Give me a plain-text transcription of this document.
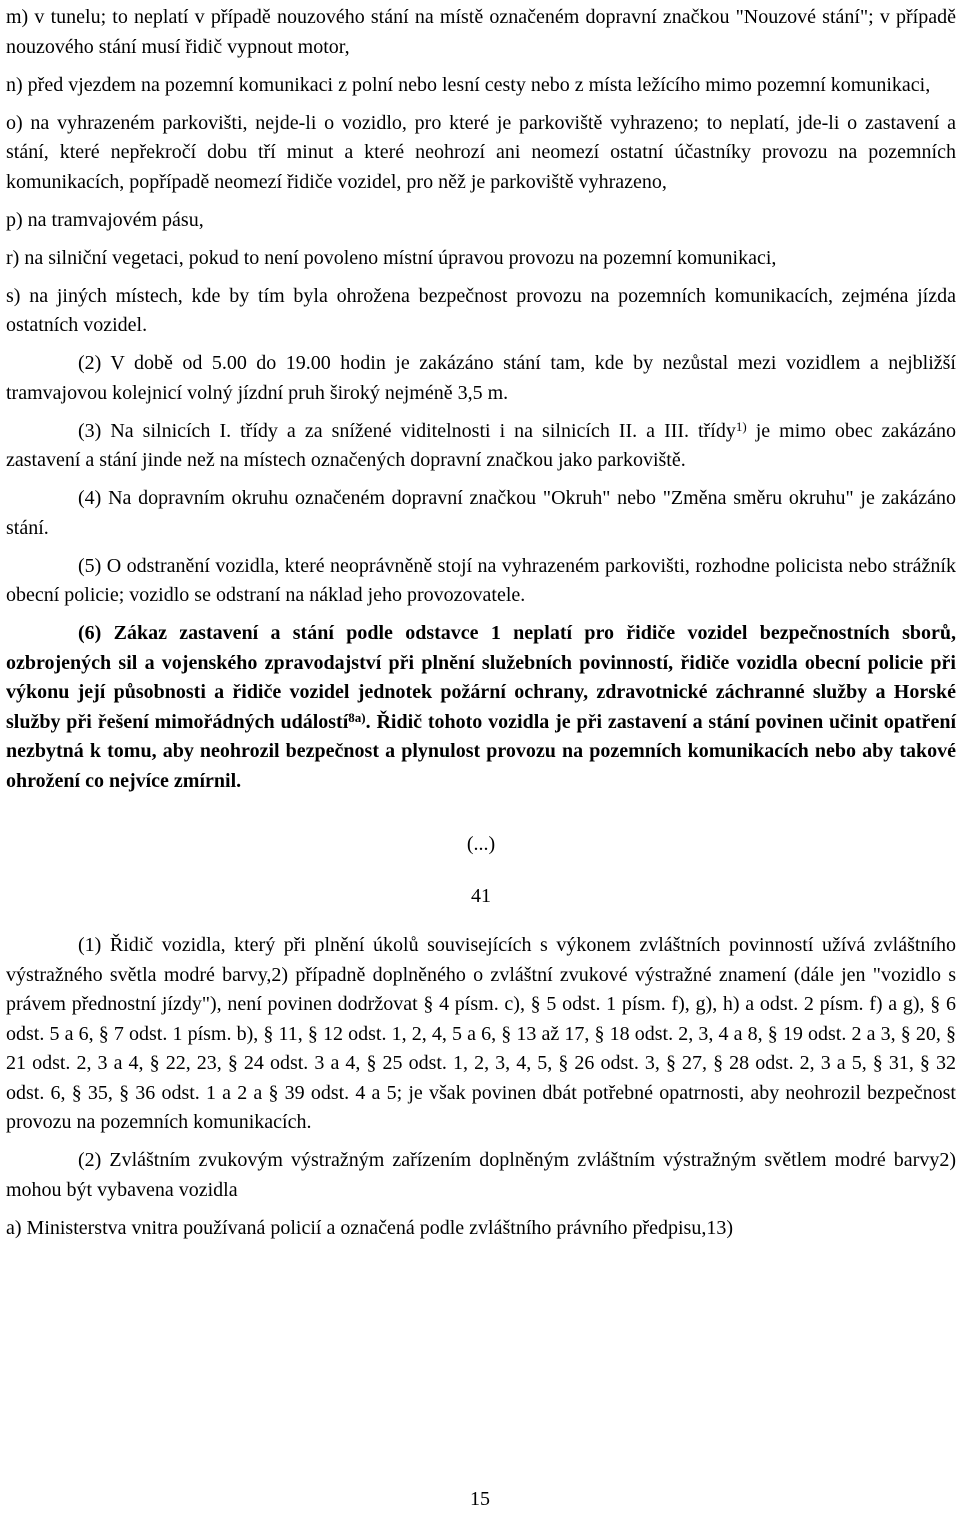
m) v tunelu; to neplatí v případě nouzového stání na místě označeném dopravní značkou "Nouzové stání"; v případě nouzového stání musí řidič vypnout motor,

n) před vjezdem na pozemní komunikaci z polní nebo lesní cesty nebo z místa ležícího mimo pozemní komunikaci,

o) na vyhrazeném parkovišti, nejde-li o vozidlo, pro které je parkoviště vyhrazeno; to neplatí, jde-li o zastavení a stání, které nepřekročí dobu tří minut a které neohrozí ani neomezí ostatní účastníky provozu na pozemních komunikacích, popřípadě neomezí řidiče vozidel, pro něž je parkoviště vyhrazeno,

p) na tramvajovém pásu,

r) na silniční vegetaci, pokud to není povoleno místní úpravou provozu na pozemní komunikaci,

s) na jiných místech, kde by tím byla ohrožena bezpečnost provozu na pozemních komunikacích, zejména jízda ostatních vozidel.

(2) V době od 5.00 do 19.00 hodin je zakázáno stání tam, kde by nezůstal mezi vozidlem a nejbližší tramvajovou kolejnicí volný jízdní pruh široký nejméně 3,5 m.

(3) Na silnicích I. třídy a za snížené viditelnosti i na silnicích II. a III. třídy$^{1)}$ je mimo obec zakázáno zastavení a stání jinde než na místech označených dopravní značkou jako parkoviště.

(4) Na dopravním okruhu označeném dopravní značkou "Okruh" nebo "Změna směru okruhu" je zakázáno stání.

(5) O odstranění vozidla, které neoprávněně stojí na vyhrazeném parkovišti, rozhodne policista nebo strážník obecní policie; vozidlo se odstraní na náklad jeho provozovatele.

(6) Zákaz zastavení a stání podle odstavce 1 neplatí pro řidiče vozidel bezpečnostních sborů, ozbrojených sil a vojenského zpravodajství při plnění služebních povinností, řidiče vozidla obecní policie při výkonu její působnosti a řidiče vozidel jednotek požární ochrany, zdravotnické záchranné služby a Horské služby při řešení mimořádných událostí$^{8a)}$. Řidič tohoto vozidla je při zastavení a stání povinen učinit opatření nezbytná k tomu, aby neohrozil bezpečnost a plynulost provozu na pozemních komunikacích nebo aby takové ohrožení co nejvíce zmírnil.

(...)

41

(1) Řidič vozidla, který při plnění úkolů souvisejících s výkonem zvláštních povinností užívá zvláštního výstražného světla modré barvy,2) případně doplněného o zvláštní zvukové výstražné znamení (dále jen "vozidlo s právem přednostní jízdy"), není povinen dodržovat § 4 písm. c), § 5 odst. 1 písm. f), g), h) a odst. 2 písm. f) a g), § 6 odst. 5 a 6, § 7 odst. 1 písm. b), § 11, § 12 odst. 1, 2, 4, 5 a 6, § 13 až 17, § 18 odst. 2, 3, 4 a 8, § 19 odst. 2 a 3, § 20, § 21 odst. 2, 3 a 4, § 22, 23, § 24 odst. 3 a 4, § 25 odst. 1, 2, 3, 4, 5, § 26 odst. 3, § 27, § 28 odst. 2, 3 a 5, § 31, § 32 odst. 6, § 35, § 36 odst. 1 a 2 a § 39 odst. 4 a 5; je však povinen dbát potřebné opatrnosti, aby neohrozil bezpečnost provozu na pozemních komunikacích.

(2) Zvláštním zvukovým výstražným zařízením doplněným zvláštním výstražným světlem modré barvy2) mohou být vybavena vozidla

a) Ministerstva vnitra používaná policií a označená podle zvláštního právního předpisu,13)

15
